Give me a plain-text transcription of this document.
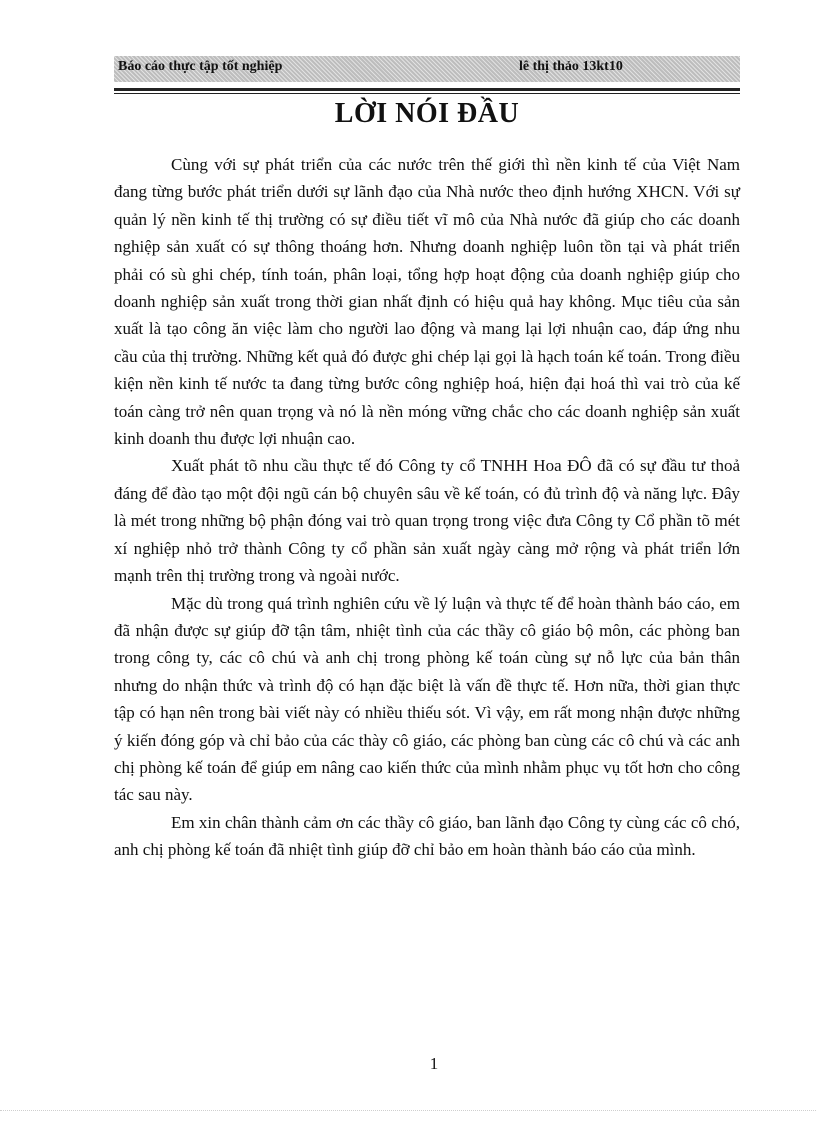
Báo cáo thực tập tốt nghiệp	lê thị thảo 13kt10
LỜI NÓI ĐẦU

Cùng với sự phát triển của các nước trên thế giới thì nền kinh tế của Việt Nam đang từng bước phát triển dưới sự lãnh đạo của Nhà nước theo định hướng XHCN. Với sự quản lý nền kinh tế thị trường có sự điều tiết vĩ mô của Nhà nước đã giúp cho các doanh nghiệp sản xuất có sự thông thoáng hơn. Nhưng doanh nghiệp luôn tồn tại và phát triển phải có sù ghi chép, tính toán, phân loại, tổng hợp hoạt động của doanh nghiệp giúp cho doanh nghiệp sản xuất trong thời gian nhất định có hiệu quả hay không. Mục tiêu của sản xuất là tạo công ăn việc làm cho người lao động và mang lại lợi nhuận cao, đáp ứng nhu cầu của thị trường. Những kết quả đó được ghi chép lại gọi là hạch toán kế toán. Trong điều kiện nền kinh tế nước ta đang từng bước công nghiệp hoá, hiện đại hoá thì vai trò của kế toán càng trở nên quan trọng và nó là nền móng vững chắc cho các doanh nghiệp sản xuất kinh doanh thu được lợi nhuận cao.

Xuất phát tõ nhu cầu thực tế đó Công ty cổ TNHH Hoa ĐÔ đã có sự đầu tư thoả đáng để đào tạo một đội ngũ cán bộ chuyên sâu về kế toán, có đủ trình độ và năng lực. Đây là mét trong những bộ phận đóng vai trò quan trọng trong việc đưa Công ty Cổ phần tõ mét xí nghiệp nhỏ trở thành Công ty cổ phần sản xuất ngày càng mở rộng và phát triển lớn mạnh trên thị trường trong và ngoài nước.

Mặc dù trong quá trình nghiên cứu về lý luận và thực tế để hoàn thành báo cáo, em đã nhận được sự giúp đỡ tận tâm, nhiệt tình của các thầy cô giáo bộ môn, các phòng ban trong công ty, các cô chú và anh chị trong phòng kế toán cùng sự nỗ lực của bản thân nhưng do nhận thức và trình độ có hạn đặc biệt là vấn đề thực tế. Hơn nữa, thời gian thực tập có hạn nên trong bài viết này có nhiều thiếu sót. Vì vậy, em rất mong nhận được những ý kiến đóng góp và chỉ bảo của các thày cô giáo, các phòng ban cùng các cô chú và các anh chị phòng kế toán để giúp em nâng cao kiến thức của mình nhằm phục vụ tốt hơn cho công tác sau này.

Em xin chân thành cảm ơn các thầy cô giáo, ban lãnh đạo Công ty cùng các cô chó, anh chị phòng kế toán đã nhiệt tình giúp đỡ chỉ bảo em hoàn thành báo cáo của mình.

1
